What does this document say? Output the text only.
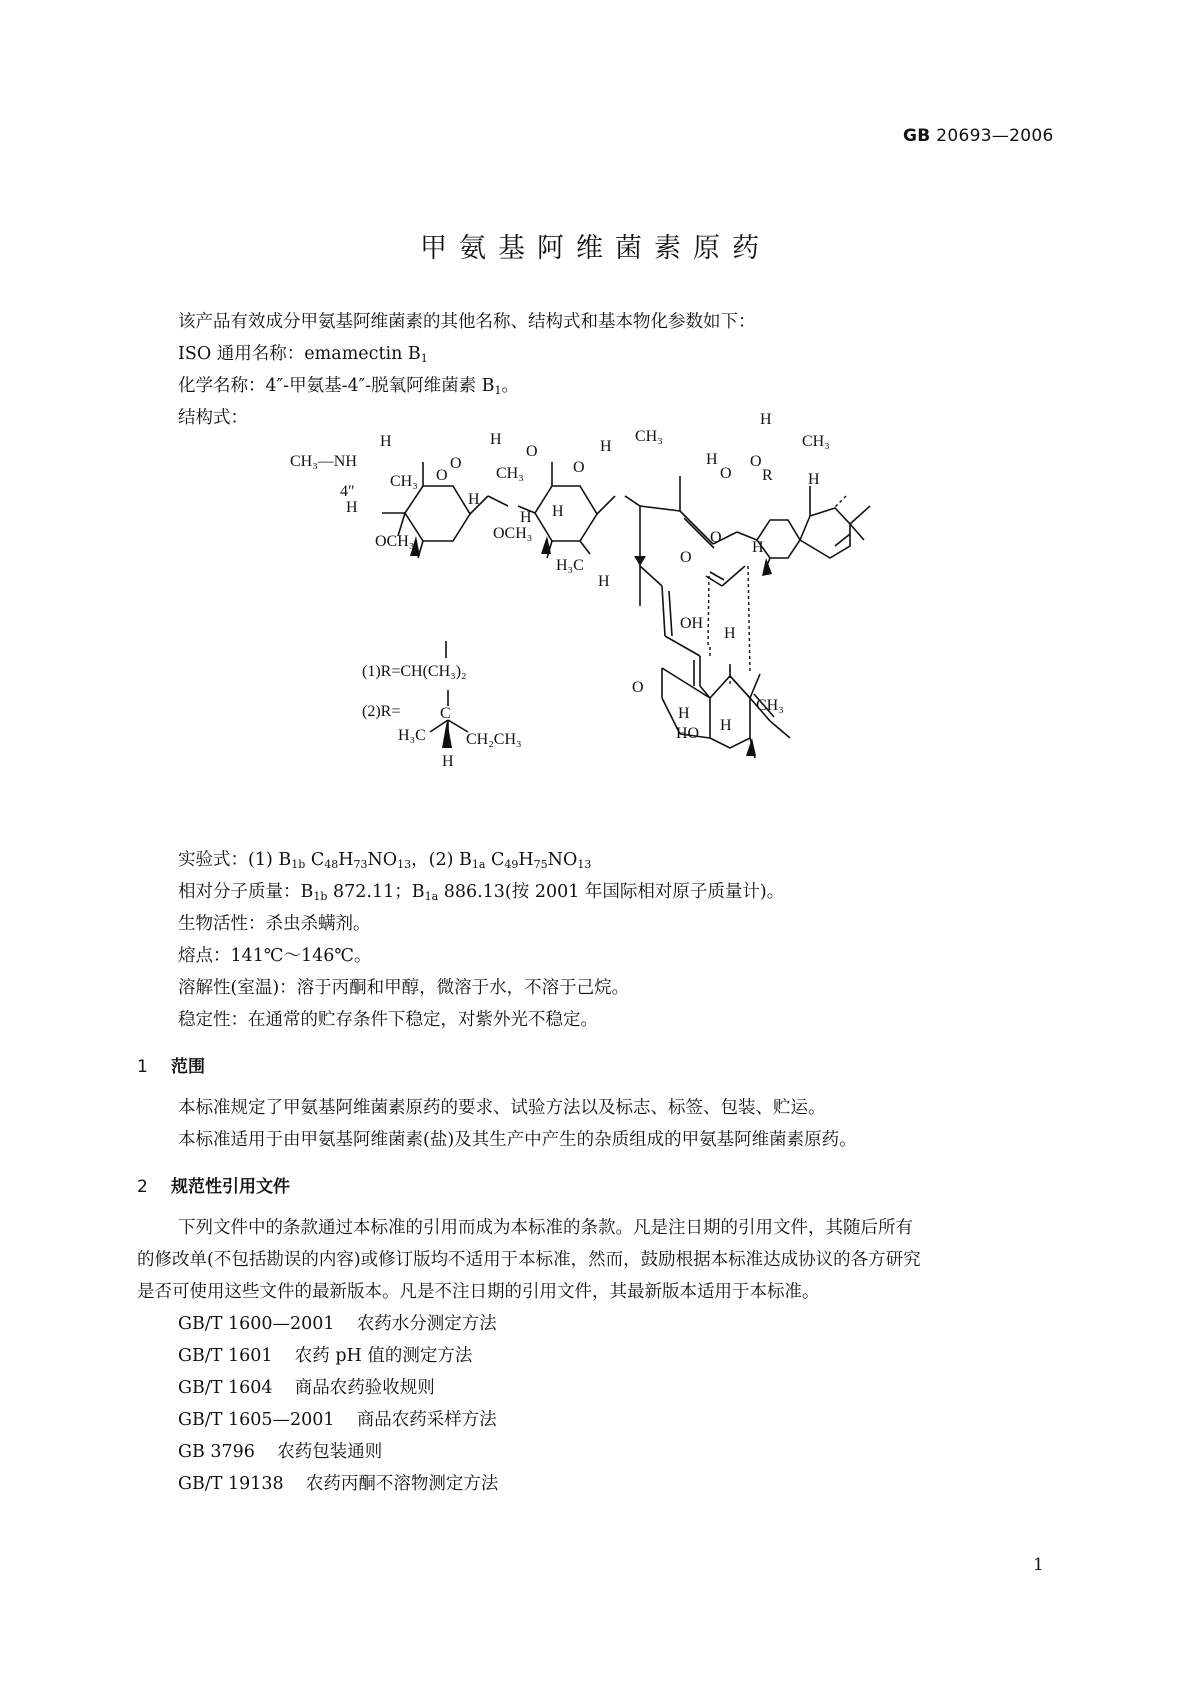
GB 20693—2006
甲氨基阿维菌素原药
该产品有效成分甲氨基阿维菌素的其他名称、结构式和基本物化参数如下：
ISO 通用名称：emamectin $B_1$
化学名称：4″-甲氨基-4″-脱氧阿维菌素 $B_1$。
结构式：
CH₃—NH
4″
H
CH₃
H
O
O
OCH₃
H
CH₃
O
H
H
OCH₃
H
O
H
CH₃
H
O
H
CH₃
O
R H
O
H
O
H₃C
H
OH
H
O
CH₃
H
H
HO
(1)R=CH(CH₃)₂
(2)R= C
H₃C	CH₂CH₃
H
实验式：(1) $B_{1b}$ $C_{48}H_{73}NO_{13}$，(2) $B_{1a}$ $C_{49}H_{75}NO_{13}$
相对分子质量：$B_{1b}$ 872.11；$B_{1a}$ 886.13(按 2001 年国际相对原子质量计)。
生物活性：杀虫杀螨剂。
熔点：141℃～146℃。
溶解性(室温)：溶于丙酮和甲醇，微溶于水，不溶于己烷。
稳定性：在通常的贮存条件下稳定，对紫外光不稳定。
1 范围
本标准规定了甲氨基阿维菌素原药的要求、试验方法以及标志、标签、包装、贮运。
本标准适用于由甲氨基阿维菌素(盐)及其生产中产生的杂质组成的甲氨基阿维菌素原药。
2 规范性引用文件
下列文件中的条款通过本标准的引用而成为本标准的条款。凡是注日期的引用文件，其随后所有
的修改单(不包括勘误的内容)或修订版均不适用于本标准，然而，鼓励根据本标准达成协议的各方研究
是否可使用这些文件的最新版本。凡是不注日期的引用文件，其最新版本适用于本标准。
GB/T 1600—2001 农药水分测定方法
GB/T 1601 农药 pH 值的测定方法
GB/T 1604 商品农药验收规则
GB/T 1605—2001 商品农药采样方法
GB 3796 农药包装通则
GB/T 19138 农药丙酮不溶物测定方法
1
